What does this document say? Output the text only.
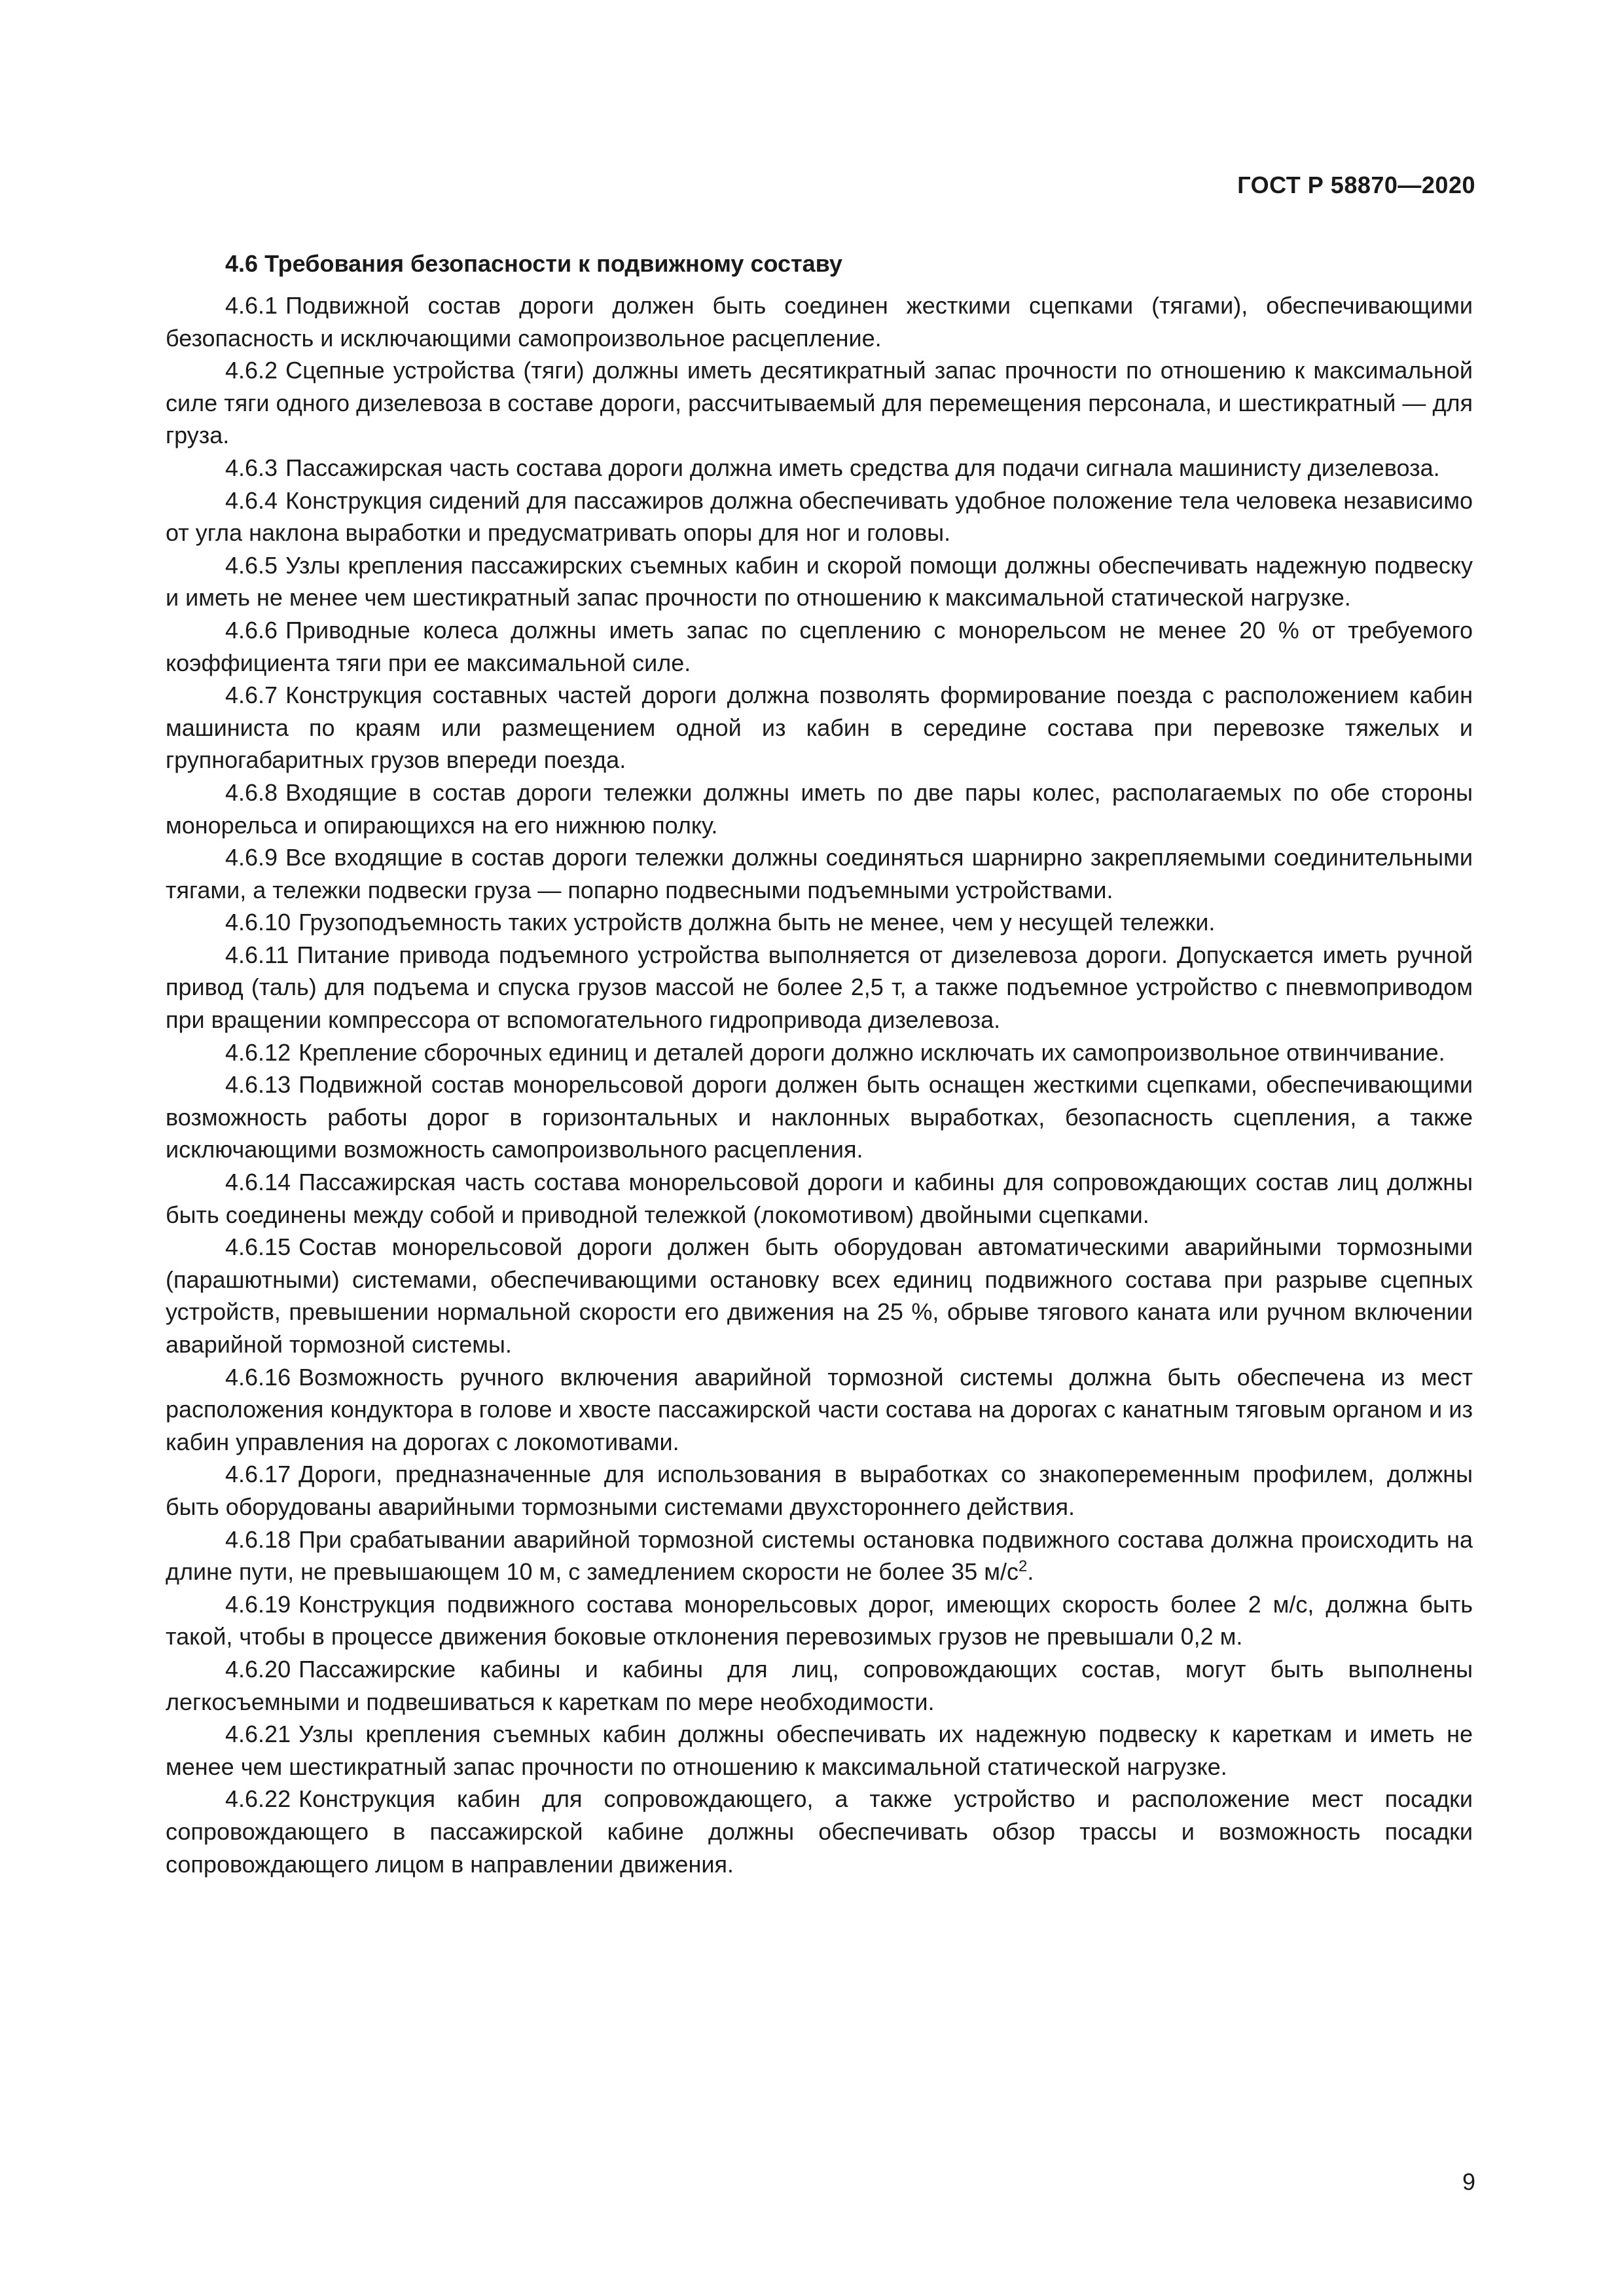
ГОСТ Р 58870—2020
4.6 Требования безопасности к подвижному составу

4.6.1 Подвижной состав дороги должен быть соединен жесткими сцепками (тягами), обеспечивающими безопасность и исключающими самопроизвольное расцепление.

4.6.2 Сцепные устройства (тяги) должны иметь десятикратный запас прочности по отношению к максимальной силе тяги одного дизелевоза в составе дороги, рассчитываемый для перемещения персонала, и шестикратный — для груза.

4.6.3 Пассажирская часть состава дороги должна иметь средства для подачи сигнала машинисту дизелевоза.

4.6.4 Конструкция сидений для пассажиров должна обеспечивать удобное положение тела человека независимо от угла наклона выработки и предусматривать опоры для ног и головы.

4.6.5 Узлы крепления пассажирских съемных кабин и скорой помощи должны обеспечивать надежную подвеску и иметь не менее чем шестикратный запас прочности по отношению к максимальной статической нагрузке.

4.6.6 Приводные колеса должны иметь запас по сцеплению с монорельсом не менее 20 % от требуемого коэффициента тяги при ее максимальной силе.

4.6.7 Конструкция составных частей дороги должна позволять формирование поезда с расположением кабин машиниста по краям или размещением одной из кабин в середине состава при перевозке тяжелых и групногабаритных грузов впереди поезда.

4.6.8 Входящие в состав дороги тележки должны иметь по две пары колес, располагаемых по обе стороны монорельса и опирающихся на его нижнюю полку.

4.6.9 Все входящие в состав дороги тележки должны соединяться шарнирно закрепляемыми соединительными тягами, а тележки подвески груза — попарно подвесными подъемными устройствами.

4.6.10 Грузоподъемность таких устройств должна быть не менее, чем у несущей тележки.

4.6.11 Питание привода подъемного устройства выполняется от дизелевоза дороги. Допускается иметь ручной привод (таль) для подъема и спуска грузов массой не более 2,5 т, а также подъемное устройство с пневмоприводом при вращении компрессора от вспомогательного гидропривода дизелевоза.

4.6.12 Крепление сборочных единиц и деталей дороги должно исключать их самопроизвольное отвинчивание.

4.6.13 Подвижной состав монорельсовой дороги должен быть оснащен жесткими сцепками, обеспечивающими возможность работы дорог в горизонтальных и наклонных выработках, безопасность сцепления, а также исключающими возможность самопроизвольного расцепления.

4.6.14 Пассажирская часть состава монорельсовой дороги и кабины для сопровождающих состав лиц должны быть соединены между собой и приводной тележкой (локомотивом) двойными сцепками.

4.6.15 Состав монорельсовой дороги должен быть оборудован автоматическими аварийными тормозными (парашютными) системами, обеспечивающими остановку всех единиц подвижного состава при разрыве сцепных устройств, превышении нормальной скорости его движения на 25 %, обрыве тягового каната или ручном включении аварийной тормозной системы.

4.6.16 Возможность ручного включения аварийной тормозной системы должна быть обеспечена из мест расположения кондуктора в голове и хвосте пассажирской части состава на дорогах с канатным тяговым органом и из кабин управления на дорогах с локомотивами.

4.6.17 Дороги, предназначенные для использования в выработках со знакопеременным профилем, должны быть оборудованы аварийными тормозными системами двухстороннего действия.

4.6.18 При срабатывании аварийной тормозной системы остановка подвижного состава должна происходить на длине пути, не превышающем 10 м, с замедлением скорости не более 35 $м/с^2$.

4.6.19 Конструкция подвижного состава монорельсовых дорог, имеющих скорость более 2 м/с, должна быть такой, чтобы в процессе движения боковые отклонения перевозимых грузов не превышали 0,2 м.

4.6.20 Пассажирские кабины и кабины для лиц, сопровождающих состав, могут быть выполнены легкосъемными и подвешиваться к кареткам по мере необходимости.

4.6.21 Узлы крепления съемных кабин должны обеспечивать их надежную подвеску к кареткам и иметь не менее чем шестикратный запас прочности по отношению к максимальной статической нагрузке.

4.6.22 Конструкция кабин для сопровождающего, а также устройство и расположение мест посадки сопровождающего в пассажирской кабине должны обеспечивать обзор трассы и возможность посадки сопровождающего лицом в направлении движения.

9
